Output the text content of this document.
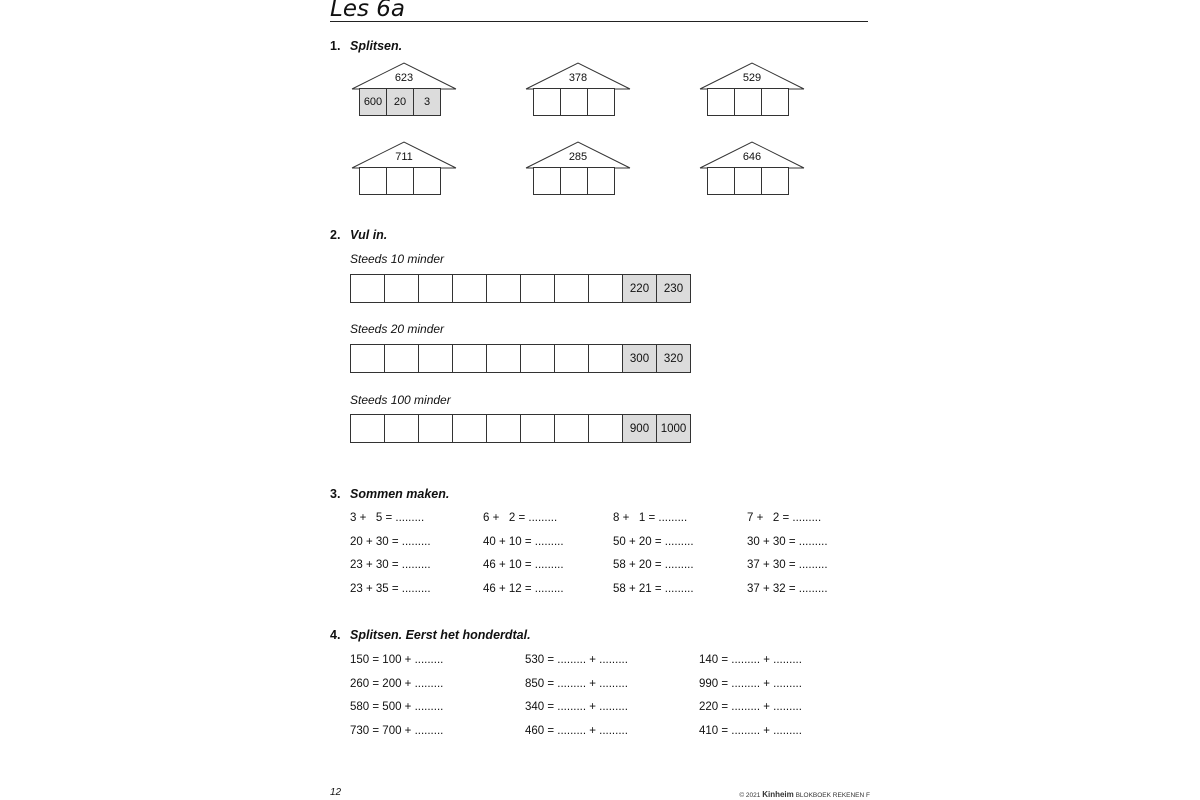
Les 6a
1. Splitsen.
623
600	20	3
378	529
711	285	646
2. Vul in.
Steeds 10 minder
220	230
Steeds 20 minder
300	320
Steeds 100 minder
900	1000
3. Sommen maken.
3 +   5 = .........	6 +   2 = .........	8 +   1 = .........	7 +   2 = .........
20 + 30 = .........	40 + 10 = .........	50 + 20 = .........	30 + 30 = .........
23 + 30 = .........	46 + 10 = .........	58 + 20 = .........	37 + 30 = .........
23 + 35 = .........	46 + 12 = .........	58 + 21 = .........	37 + 32 = .........
4. Splitsen. Eerst het honderdtal.
150 = 100 + .........	530 = ......... + .........	140 = ......... + .........
260 = 200 + .........	850 = ......... + .........	990 = ......... + .........
580 = 500 + .........	340 = ......... + .........	220 = ......... + .........
730 = 700 + .........	460 = ......... + .........	410 = ......... + .........
12	© 2021 Kinheim BLOKBOEK REKENEN F
